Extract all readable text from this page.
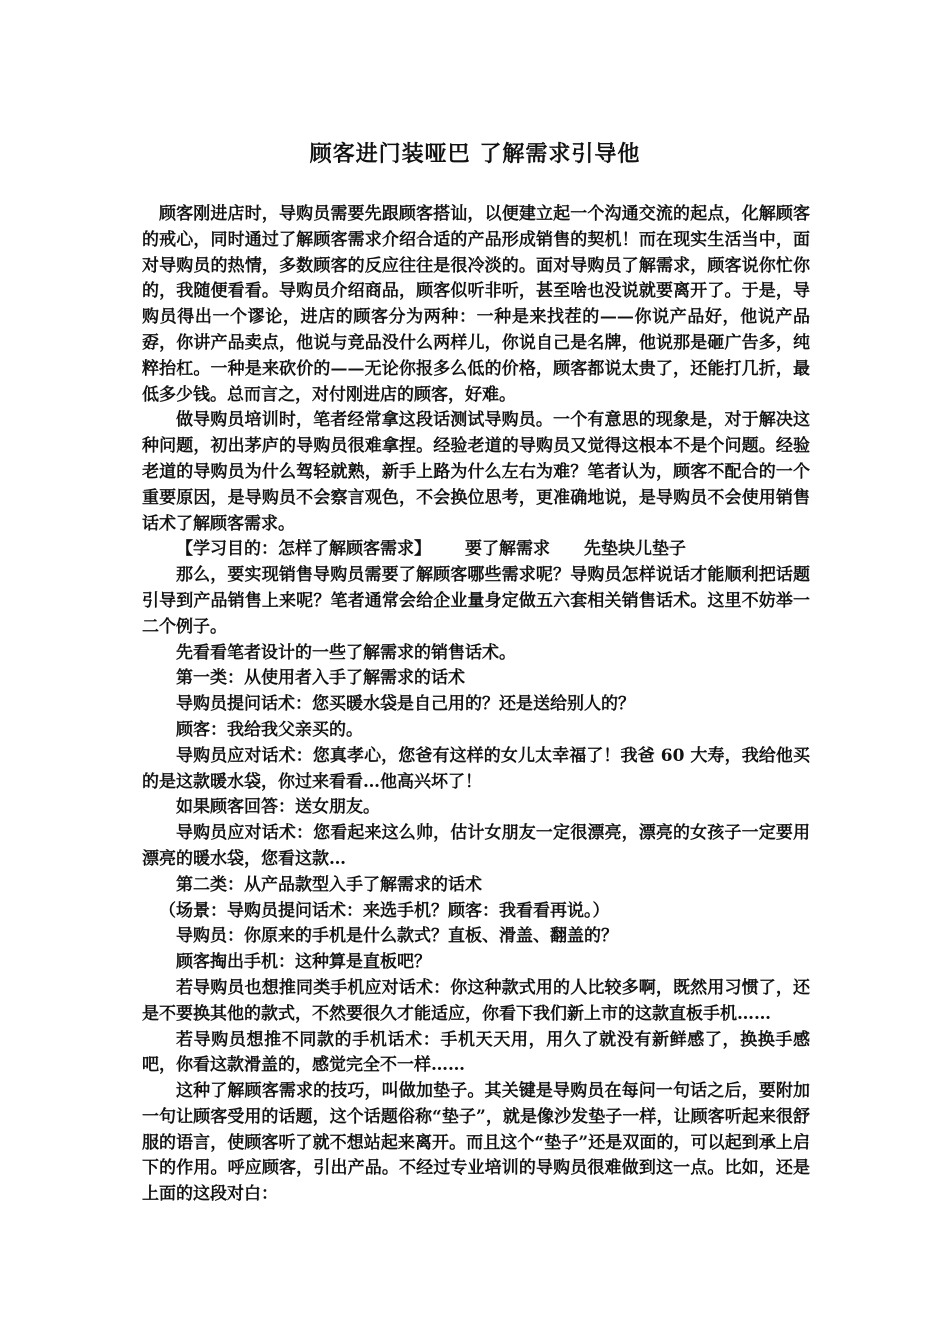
顾客进门装哑巴 了解需求引导他

顾客刚进店时，导购员需要先跟顾客搭讪，以便建立起一个沟通交流的起点，化解顾客的戒心，同时通过了解顾客需求介绍合适的产品形成销售的契机！而在现实生活当中，面对导购员的热情，多数顾客的反应往往是很冷淡的。面对导购员了解需求，顾客说你忙你的，我随便看看。导购员介绍商品，顾客似听非听，甚至啥也没说就要离开了。于是，导购员得出一个谬论，进店的顾客分为两种：一种是来找茬的——你说产品好，他说产品孬，你讲产品卖点，他说与竞品没什么两样儿，你说自己是名牌，他说那是砸广告多，纯粹抬杠。一种是来砍价的——无论你报多么低的价格，顾客都说太贵了，还能打几折，最低多少钱。总而言之，对付刚进店的顾客，好难。

做导购员培训时，笔者经常拿这段话测试导购员。一个有意思的现象是，对于解决这种问题，初出茅庐的导购员很难拿捏。经验老道的导购员又觉得这根本不是个问题。经验老道的导购员为什么驾轻就熟，新手上路为什么左右为难？笔者认为，顾客不配合的一个重要原因，是导购员不会察言观色，不会换位思考，更准确地说，是导购员不会使用销售话术了解顾客需求。

【学习目的：怎样了解顾客需求】 要了解需求 先垫块儿垫子

那么，要实现销售导购员需要了解顾客哪些需求呢？导购员怎样说话才能顺利把话题引导到产品销售上来呢？笔者通常会给企业量身定做五六套相关销售话术。这里不妨举一二个例子。

先看看笔者设计的一些了解需求的销售话术。

第一类：从使用者入手了解需求的话术

导购员提问话术：您买暖水袋是自己用的？还是送给别人的？

顾客：我给我父亲买的。

导购员应对话术：您真孝心，您爸有这样的女儿太幸福了！我爸 60 大寿，我给他买的是这款暖水袋，你过来看看…他高兴坏了！

如果顾客回答：送女朋友。

导购员应对话术：您看起来这么帅，估计女朋友一定很漂亮，漂亮的女孩子一定要用漂亮的暖水袋，您看这款…

第二类：从产品款型入手了解需求的话术

（场景：导购员提问话术：来选手机？顾客：我看看再说。）

导购员：你原来的手机是什么款式？直板、滑盖、翻盖的？

顾客掏出手机：这种算是直板吧？

若导购员也想推同类手机应对话术：你这种款式用的人比较多啊，既然用习惯了，还是不要换其他的款式，不然要很久才能适应，你看下我们新上市的这款直板手机……

若导购员想推不同款的手机话术：手机天天用，用久了就没有新鲜感了，换换手感吧，你看这款滑盖的，感觉完全不一样……

这种了解顾客需求的技巧，叫做加垫子。其关键是导购员在每问一句话之后，要附加一句让顾客受用的话题，这个话题俗称“垫子”，就是像沙发垫子一样，让顾客听起来很舒服的语言，使顾客听了就不想站起来离开。而且这个“垫子”还是双面的，可以起到承上启下的作用。呼应顾客，引出产品。不经过专业培训的导购员很难做到这一点。比如，还是上面的这段对白：
